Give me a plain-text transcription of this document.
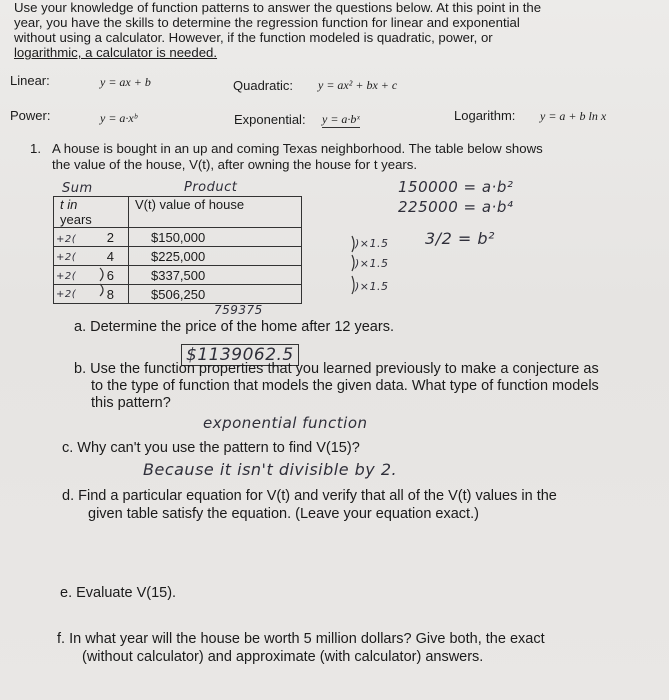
Use your knowledge of function patterns to answer the questions below. At this point in the
year, you have the skills to determine the regression function for linear and exponential
without using a calculator. However, if the function modeled is quadratic, power, or
logarithmic, a calculator is needed.
Linear:	y = ax + b	Quadratic: y = ax² + bx + c
Power:	y = a·xᵇ	Exponential: y = a·bˣ	Logarithm: y = a + b ln x
1. A house is bought in an up and coming Texas neighborhood. The table below shows
the value of the house, V(t), after owning the house for t years.
Sum	Product	150000 = a·b²
225000 = a·b⁴
3/2 = b²
t in
years	V(t) value of house

2	$150,000
4	$225,000
6	$337,500
8	$506,250
+2(
+2(
+2(
+2(
)×1.5
)×1.5
)×1.5
759375
a. Determine the price of the home after 12 years.
$1139062.5
b. Use the function properties that you learned previously to make a conjecture as
to the type of function that models the given data. What type of function models
this pattern?
exponential function
c. Why can't you use the pattern to find V(15)?
Because it isn't divisible by 2.
d. Find a particular equation for V(t) and verify that all of the V(t) values in the
given table satisfy the equation. (Leave your equation exact.)
e. Evaluate V(15).
f. In what year will the house be worth 5 million dollars? Give both, the exact
(without calculator) and approximate (with calculator) answers.
